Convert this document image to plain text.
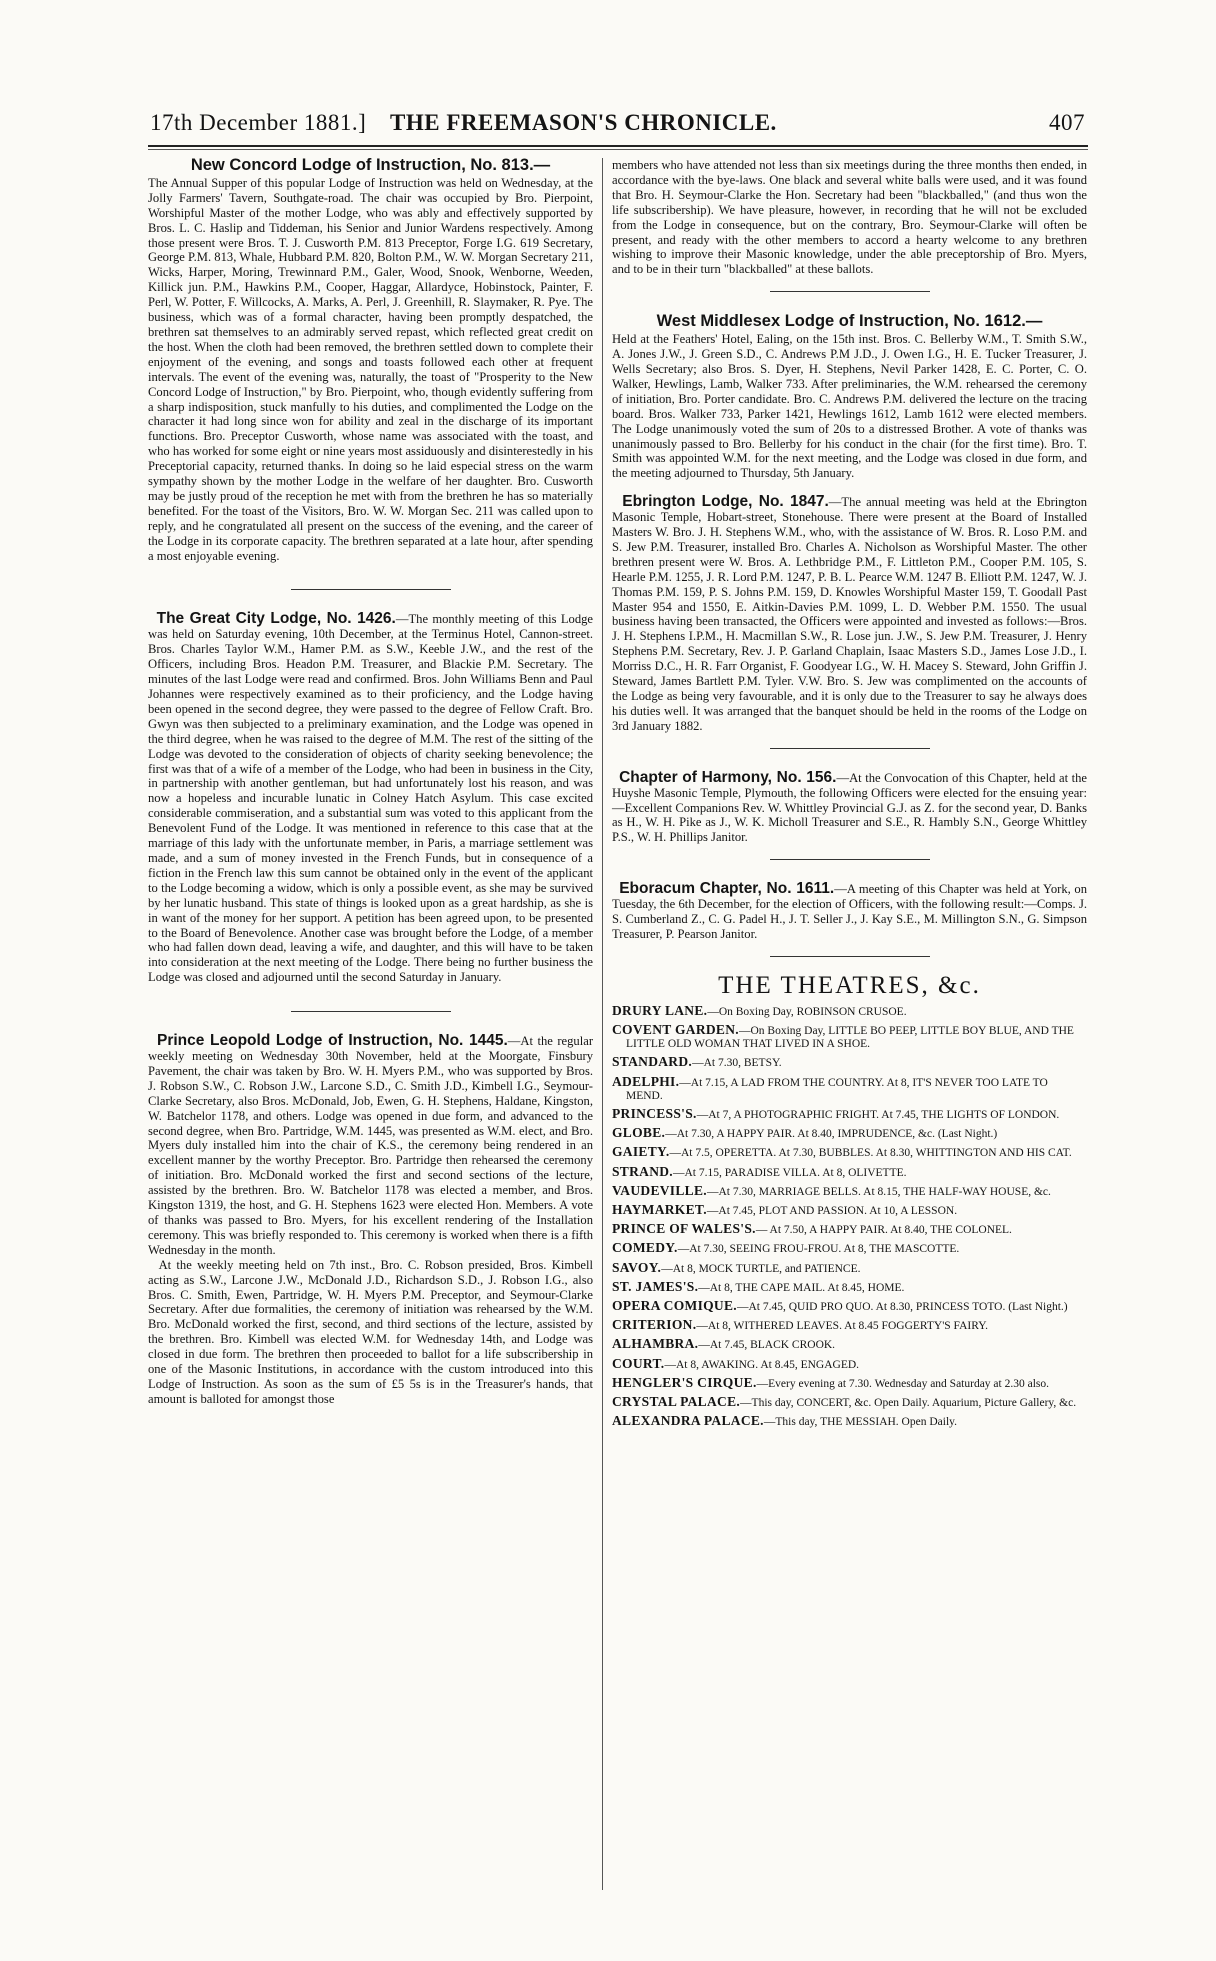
17th December 1881.] THE FREEMASON'S CHRONICLE.	407
New Concord Lodge of Instruction, No. 813.—

The Annual Supper of this popular Lodge of Instruction was held on Wednesday, at the Jolly Farmers' Tavern, Southgate-road. The chair was occupied by Bro. Pierpoint, Worshipful Master of the mother Lodge, who was ably and effectively supported by Bros. L. C. Haslip and Tiddeman, his Senior and Junior Wardens respectively. Among those present were Bros. T. J. Cusworth P.M. 813 Preceptor, Forge I.G. 619 Secretary, George P.M. 813, Whale, Hubbard P.M. 820, Bolton P.M., W. W. Morgan Secretary 211, Wicks, Harper, Moring, Trewinnard P.M., Galer, Wood, Snook, Wenborne, Weeden, Killick jun. P.M., Hawkins P.M., Cooper, Haggar, Allardyce, Hobinstock, Painter, F. Perl, W. Potter, F. Willcocks, A. Marks, A. Perl, J. Greenhill, R. Slaymaker, R. Pye. The business, which was of a formal character, having been promptly despatched, the brethren sat themselves to an admirably served repast, which reflected great credit on the host. When the cloth had been removed, the brethren settled down to complete their enjoyment of the evening, and songs and toasts followed each other at frequent intervals. The event of the evening was, naturally, the toast of "Prosperity to the New Concord Lodge of Instruction," by Bro. Pierpoint, who, though evidently suffering from a sharp indisposition, stuck manfully to his duties, and complimented the Lodge on the character it had long since won for ability and zeal in the discharge of its important functions. Bro. Preceptor Cusworth, whose name was associated with the toast, and who has worked for some eight or nine years most assiduously and disinterestedly in his Preceptorial capacity, returned thanks. In doing so he laid especial stress on the warm sympathy shown by the mother Lodge in the welfare of her daughter. Bro. Cusworth may be justly proud of the reception he met with from the brethren he has so materially benefited. For the toast of the Visitors, Bro. W. W. Morgan Sec. 211 was called upon to reply, and he congratulated all present on the success of the evening, and the career of the Lodge in its corporate capacity. The brethren separated at a late hour, after spending a most enjoyable evening.

The Great City Lodge, No. 1426.—The monthly meeting of this Lodge was held on Saturday evening, 10th December, at the Terminus Hotel, Cannon-street. Bros. Charles Taylor W.M., Hamer P.M. as S.W., Keeble J.W., and the rest of the Officers, including Bros. Headon P.M. Treasurer, and Blackie P.M. Secretary. The minutes of the last Lodge were read and confirmed. Bros. John Williams Benn and Paul Johannes were respectively examined as to their proficiency, and the Lodge having been opened in the second degree, they were passed to the degree of Fellow Craft. Bro. Gwyn was then subjected to a preliminary examination, and the Lodge was opened in the third degree, when he was raised to the degree of M.M. The rest of the sitting of the Lodge was devoted to the consideration of objects of charity seeking benevolence; the first was that of a wife of a member of the Lodge, who had been in business in the City, in partnership with another gentleman, but had unfortunately lost his reason, and was now a hopeless and incurable lunatic in Colney Hatch Asylum. This case excited considerable commiseration, and a substantial sum was voted to this applicant from the Benevolent Fund of the Lodge. It was mentioned in reference to this case that at the marriage of this lady with the unfortunate member, in Paris, a marriage settlement was made, and a sum of money invested in the French Funds, but in consequence of a fiction in the French law this sum cannot be obtained only in the event of the applicant to the Lodge becoming a widow, which is only a possible event, as she may be survived by her lunatic husband. This state of things is looked upon as a great hardship, as she is in want of the money for her support. A petition has been agreed upon, to be presented to the Board of Benevolence. Another case was brought before the Lodge, of a member who had fallen down dead, leaving a wife, and daughter, and this will have to be taken into consideration at the next meeting of the Lodge. There being no further business the Lodge was closed and adjourned until the second Saturday in January.

Prince Leopold Lodge of Instruction, No. 1445.—At the regular weekly meeting on Wednesday 30th November, held at the Moorgate, Finsbury Pavement, the chair was taken by Bro. W. H. Myers P.M., who was supported by Bros. J. Robson S.W., C. Robson J.W., Larcone S.D., C. Smith J.D., Kimbell I.G., Seymour-Clarke Secretary, also Bros. McDonald, Job, Ewen, G. H. Stephens, Haldane, Kingston, W. Batchelor 1178, and others. Lodge was opened in due form, and advanced to the second degree, when Bro. Partridge, W.M. 1445, was presented as W.M. elect, and Bro. Myers duly installed him into the chair of K.S., the ceremony being rendered in an excellent manner by the worthy Preceptor. Bro. Partridge then rehearsed the ceremony of initiation. Bro. McDonald worked the first and second sections of the lecture, assisted by the brethren. Bro. W. Batchelor 1178 was elected a member, and Bros. Kingston 1319, the host, and G. H. Stephens 1623 were elected Hon. Members. A vote of thanks was passed to Bro. Myers, for his excellent rendering of the Installation ceremony. This was briefly responded to. This ceremony is worked when there is a fifth Wednesday in the month.

At the weekly meeting held on 7th inst., Bro. C. Robson presided, Bros. Kimbell acting as S.W., Larcone J.W., McDonald J.D., Richardson S.D., J. Robson I.G., also Bros. C. Smith, Ewen, Partridge, W. H. Myers P.M. Preceptor, and Seymour-Clarke Secretary. After due formalities, the ceremony of initiation was rehearsed by the W.M. Bro. McDonald worked the first, second, and third sections of the lecture, assisted by the brethren. Bro. Kimbell was elected W.M. for Wednesday 14th, and Lodge was closed in due form. The brethren then proceeded to ballot for a life subscribership in one of the Masonic Institutions, in accordance with the custom introduced into this Lodge of Instruction. As soon as the sum of £5 5s is in the Treasurer's hands, that amount is balloted for amongst those

members who have attended not less than six meetings during the three months then ended, in accordance with the bye-laws. One black and several white balls were used, and it was found that Bro. H. Seymour-Clarke the Hon. Secretary had been "blackballed," (and thus won the life subscribership). We have pleasure, however, in recording that he will not be excluded from the Lodge in consequence, but on the contrary, Bro. Seymour-Clarke will often be present, and ready with the other members to accord a hearty welcome to any brethren wishing to improve their Masonic knowledge, under the able preceptorship of Bro. Myers, and to be in their turn "blackballed" at these ballots.

West Middlesex Lodge of Instruction, No. 1612.—

Held at the Feathers' Hotel, Ealing, on the 15th inst. Bros. C. Bellerby W.M., T. Smith S.W., A. Jones J.W., J. Green S.D., C. Andrews P.M J.D., J. Owen I.G., H. E. Tucker Treasurer, J. Wells Secretary; also Bros. S. Dyer, H. Stephens, Nevil Parker 1428, E. C. Porter, C. O. Walker, Hewlings, Lamb, Walker 733. After preliminaries, the W.M. rehearsed the ceremony of initiation, Bro. Porter candidate. Bro. C. Andrews P.M. delivered the lecture on the tracing board. Bros. Walker 733, Parker 1421, Hewlings 1612, Lamb 1612 were elected members. The Lodge unanimously voted the sum of 20s to a distressed Brother. A vote of thanks was unanimously passed to Bro. Bellerby for his conduct in the chair (for the first time). Bro. T. Smith was appointed W.M. for the next meeting, and the Lodge was closed in due form, and the meeting adjourned to Thursday, 5th January.

Ebrington Lodge, No. 1847.—The annual meeting was held at the Ebrington Masonic Temple, Hobart-street, Stonehouse. There were present at the Board of Installed Masters W. Bro. J. H. Stephens W.M., who, with the assistance of W. Bros. R. Loso P.M. and S. Jew P.M. Treasurer, installed Bro. Charles A. Nicholson as Worshipful Master. The other brethren present were W. Bros. A. Lethbridge P.M., F. Littleton P.M., Cooper P.M. 105, S. Hearle P.M. 1255, J. R. Lord P.M. 1247, P. B. L. Pearce W.M. 1247 B. Elliott P.M. 1247, W. J. Thomas P.M. 159, P. S. Johns P.M. 159, D. Knowles Worshipful Master 159, T. Goodall Past Master 954 and 1550, E. Aitkin-Davies P.M. 1099, L. D. Webber P.M. 1550. The usual business having been transacted, the Officers were appointed and invested as follows:—Bros. J. H. Stephens I.P.M., H. Macmillan S.W., R. Lose jun. J.W., S. Jew P.M. Treasurer, J. Henry Stephens P.M. Secretary, Rev. J. P. Garland Chaplain, Isaac Masters S.D., James Lose J.D., I. Morriss D.C., H. R. Farr Organist, F. Goodyear I.G., W. H. Macey S. Steward, John Griffin J. Steward, James Bartlett P.M. Tyler. V.W. Bro. S. Jew was complimented on the accounts of the Lodge as being very favourable, and it is only due to the Treasurer to say he always does his duties well. It was arranged that the banquet should be held in the rooms of the Lodge on 3rd January 1882.

Chapter of Harmony, No. 156.—At the Convocation of this Chapter, held at the Huyshe Masonic Temple, Plymouth, the following Officers were elected for the ensuing year:—Excellent Companions Rev. W. Whittley Provincial G.J. as Z. for the second year, D. Banks as H., W. H. Pike as J., W. K. Micholl Treasurer and S.E., R. Hambly S.N., George Whittley P.S., W. H. Phillips Janitor.

Eboracum Chapter, No. 1611.—A meeting of this Chapter was held at York, on Tuesday, the 6th December, for the election of Officers, with the following result:—Comps. J. S. Cumberland Z., C. G. Padel H., J. T. Seller J., J. Kay S.E., M. Millington S.N., G. Simpson Treasurer, P. Pearson Janitor.

THE THEATRES, &c.

DRURY LANE.—On Boxing Day, ROBINSON CRUSOE.

COVENT GARDEN.—On Boxing Day, LITTLE BO PEEP, LITTLE BOY BLUE, AND THE LITTLE OLD WOMAN THAT LIVED IN A SHOE.

STANDARD.—At 7.30, BETSY.

ADELPHI.—At 7.15, A LAD FROM THE COUNTRY. At 8, IT'S NEVER TOO LATE TO MEND.

PRINCESS'S.—At 7, A PHOTOGRAPHIC FRIGHT. At 7.45, THE LIGHTS OF LONDON.

GLOBE.—At 7.30, A HAPPY PAIR. At 8.40, IMPRUDENCE, &c. (Last Night.)

GAIETY.—At 7.5, OPERETTA. At 7.30, BUBBLES. At 8.30, WHITTINGTON AND HIS CAT.

STRAND.—At 7.15, PARADISE VILLA. At 8, OLIVETTE.

VAUDEVILLE.—At 7.30, MARRIAGE BELLS. At 8.15, THE HALF-WAY HOUSE, &c.

HAYMARKET.—At 7.45, PLOT AND PASSION. At 10, A LESSON.

PRINCE OF WALES'S.— At 7.50, A HAPPY PAIR. At 8.40, THE COLONEL.

COMEDY.—At 7.30, SEEING FROU-FROU. At 8, THE MASCOTTE.

SAVOY.—At 8, MOCK TURTLE, and PATIENCE.

ST. JAMES'S.—At 8, THE CAPE MAIL. At 8.45, HOME.

OPERA COMIQUE.—At 7.45, QUID PRO QUO. At 8.30, PRINCESS TOTO. (Last Night.)

CRITERION.—At 8, WITHERED LEAVES. At 8.45 FOGGERTY'S FAIRY.

ALHAMBRA.—At 7.45, BLACK CROOK.

COURT.—At 8, AWAKING. At 8.45, ENGAGED.

HENGLER'S CIRQUE.—Every evening at 7.30. Wednesday and Saturday at 2.30 also.

CRYSTAL PALACE.—This day, CONCERT, &c. Open Daily. Aquarium, Picture Gallery, &c.

ALEXANDRA PALACE.—This day, THE MESSIAH. Open Daily.
